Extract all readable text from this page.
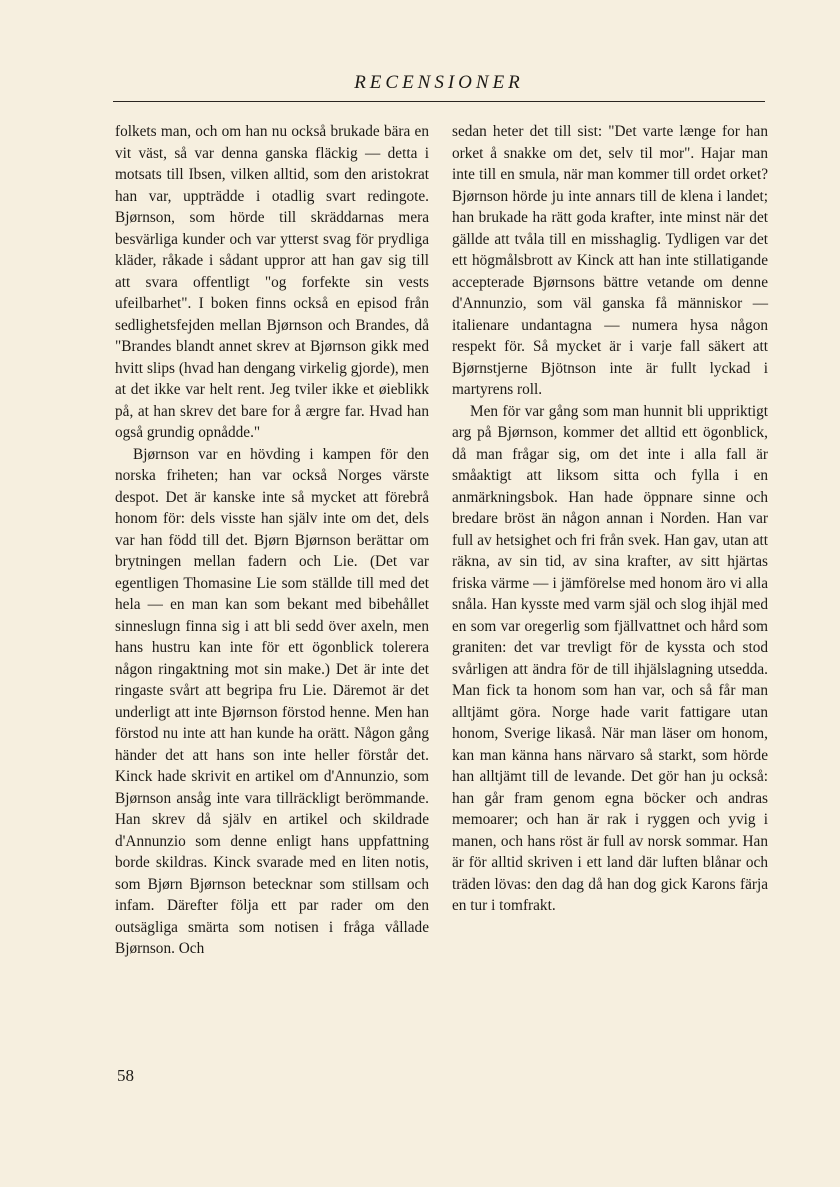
RECENSIONER

folkets man, och om han nu också brukade bära en vit väst, så var denna ganska fläckig — detta i motsats till Ibsen, vilken alltid, som den aristokrat han var, uppträdde i otadlig svart redingote. Bjørnson, som hörde till skräddarnas mera besvärliga kunder och var ytterst svag för prydliga kläder, råkade i sådant uppror att han gav sig till att svara offentligt "og forfekte sin vests ufeilbarhet". I boken finns också en episod från sedlighetsfejden mellan Bjørnson och Brandes, då "Brandes blandt annet skrev at Bjørnson gikk med hvitt slips (hvad han dengang virkelig gjorde), men at det ikke var helt rent. Jeg tviler ikke et øieblikk på, at han skrev det bare for å ærgre far. Hvad han også grundig opnådde."

Bjørnson var en hövding i kampen för den norska friheten; han var också Norges värste despot. Det är kanske inte så mycket att förebrå honom för: dels visste han själv inte om det, dels var han född till det. Bjørn Bjørnson berättar om brytningen mellan fadern och Lie. (Det var egentligen Thomasine Lie som ställde till med det hela — en man kan som bekant med bibehållet sinneslugn finna sig i att bli sedd över axeln, men hans hustru kan inte för ett ögonblick tolerera någon ringaktning mot sin make.) Det är inte det ringaste svårt att begripa fru Lie. Däremot är det underligt att inte Bjørnson förstod henne. Men han förstod nu inte att han kunde ha orätt. Någon gång händer det att hans son inte heller förstår det. Kinck hade skrivit en artikel om d'Annunzio, som Bjørnson ansåg inte vara tillräckligt berömmande. Han skrev då själv en artikel och skildrade d'Annunzio som denne enligt hans uppfattning borde skildras. Kinck svarade med en liten notis, som Bjørn Bjørnson betecknar som stillsam och infam. Därefter följa ett par rader om den outsägliga smärta som notisen i fråga vållade Bjørnson. Och

sedan heter det till sist: "Det varte længe for han orket å snakke om det, selv til mor". Hajar man inte till en smula, när man kommer till ordet orket? Bjørnson hörde ju inte annars till de klena i landet; han brukade ha rätt goda krafter, inte minst när det gällde att tvåla till en misshaglig. Tydligen var det ett högmålsbrott av Kinck att han inte stillatigande accepterade Bjørnsons bättre vetande om denne d'Annunzio, som väl ganska få människor — italienare undantagna — numera hysa någon respekt för. Så mycket är i varje fall säkert att Bjørnstjerne Bjötnson inte är fullt lyckad i martyrens roll.

Men för var gång som man hunnit bli uppriktigt arg på Bjørnson, kommer det alltid ett ögonblick, då man frågar sig, om det inte i alla fall är småaktigt att liksom sitta och fylla i en anmärkningsbok. Han hade öppnare sinne och bredare bröst än någon annan i Norden. Han var full av hetsighet och fri från svek. Han gav, utan att räkna, av sin tid, av sina krafter, av sitt hjärtas friska värme — i jämförelse med honom äro vi alla snåla. Han kysste med varm själ och slog ihjäl med en som var oregerlig som fjällvattnet och hård som graniten: det var trevligt för de kyssta och stod svårligen att ändra för de till ihjälslagning utsedda. Man fick ta honom som han var, och så får man alltjämt göra. Norge hade varit fattigare utan honom, Sverige likaså. När man läser om honom, kan man känna hans närvaro så starkt, som hörde han alltjämt till de levande. Det gör han ju också: han går fram genom egna böcker och andras memoarer; och han är rak i ryggen och yvig i manen, och hans röst är full av norsk sommar. Han är för alltid skriven i ett land där luften blånar och träden lövas: den dag då han dog gick Karons färja en tur i tomfrakt.

58
